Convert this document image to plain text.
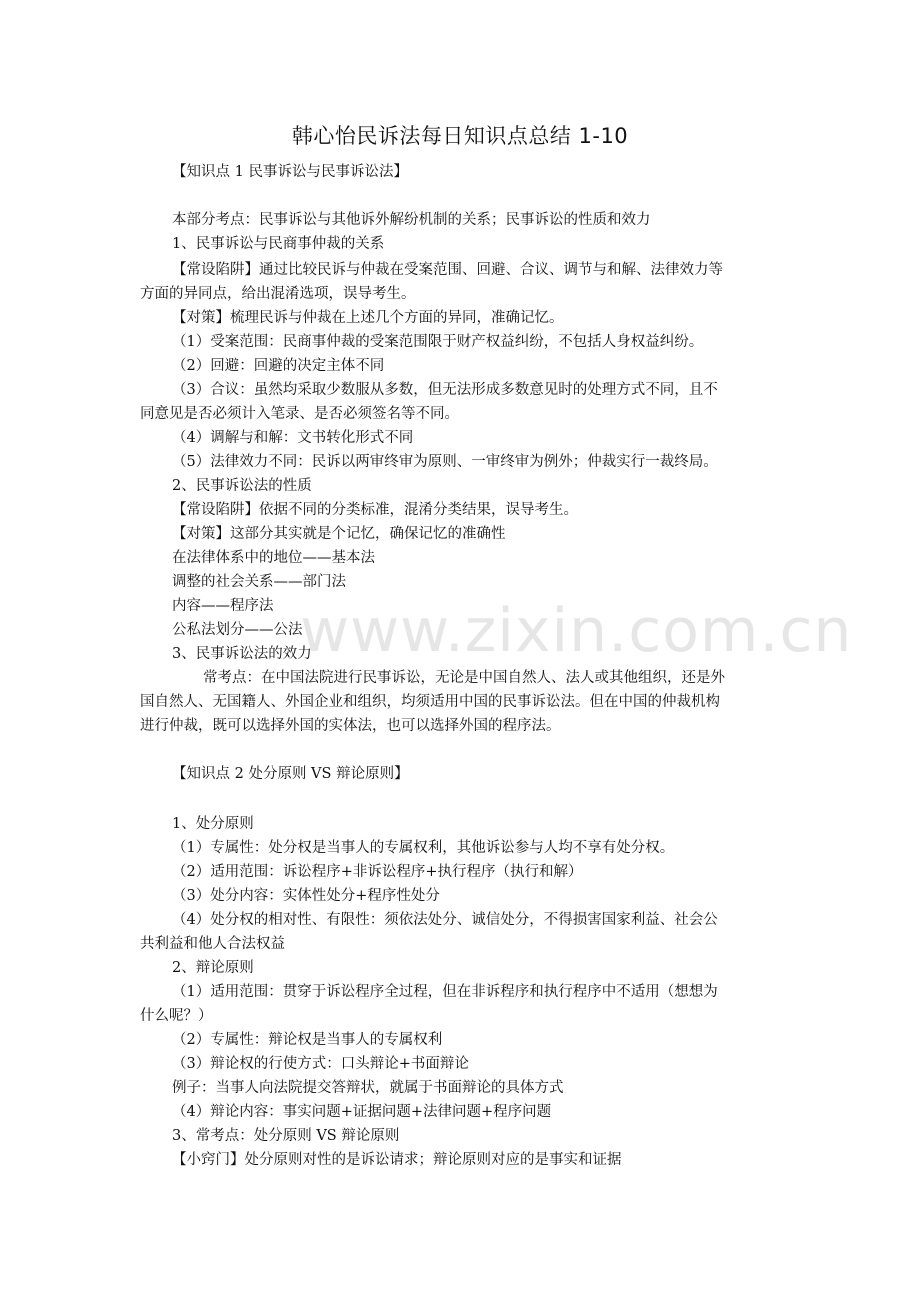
www.zixin.com.cn
韩心怡民诉法每日知识点总结 1-10
【知识点 1 民事诉讼与民事诉讼法】
本部分考点：民事诉讼与其他诉外解纷机制的关系；民事诉讼的性质和效力
1、民事诉讼与民商事仲裁的关系
【常设陷阱】通过比较民诉与仲裁在受案范围、回避、合议、调节与和解、法律效力等
方面的异同点，给出混淆选项，误导考生。
【对策】梳理民诉与仲裁在上述几个方面的异同，准确记忆。
（1）受案范围：民商事仲裁的受案范围限于财产权益纠纷，不包括人身权益纠纷。
（2）回避：回避的决定主体不同
（3）合议：虽然均采取少数服从多数，但无法形成多数意见时的处理方式不同，且不
同意见是否必须计入笔录、是否必须签名等不同。
（4）调解与和解：文书转化形式不同
（5）法律效力不同：民诉以两审终审为原则、一审终审为例外；仲裁实行一裁终局。
2、民事诉讼法的性质
【常设陷阱】依据不同的分类标准，混淆分类结果，误导考生。
【对策】这部分其实就是个记忆，确保记忆的准确性
在法律体系中的地位——基本法
调整的社会关系——部门法
内容——程序法
公私法划分——公法
3、民事诉讼法的效力
常考点：在中国法院进行民事诉讼，无论是中国自然人、法人或其他组织，还是外
国自然人、无国籍人、外国企业和组织，均须适用中国的民事诉讼法。但在中国的仲裁机构
进行仲裁，既可以选择外国的实体法，也可以选择外国的程序法。
【知识点 2 处分原则 VS 辩论原则】
1、处分原则
（1）专属性：处分权是当事人的专属权利，其他诉讼参与人均不享有处分权。
（2）适用范围：诉讼程序+非诉讼程序+执行程序（执行和解）
（3）处分内容：实体性处分+程序性处分
（4）处分权的相对性、有限性：须依法处分、诚信处分，不得损害国家利益、社会公
共利益和他人合法权益
2、辩论原则
（1）适用范围：贯穿于诉讼程序全过程，但在非诉程序和执行程序中不适用（想想为
什么呢？）
（2）专属性：辩论权是当事人的专属权利
（3）辩论权的行使方式：口头辩论+书面辩论
例子：当事人向法院提交答辩状，就属于书面辩论的具体方式
（4）辩论内容：事实问题+证据问题+法律问题+程序问题
3、常考点：处分原则 VS 辩论原则
【小窍门】处分原则对性的是诉讼请求；辩论原则对应的是事实和证据
